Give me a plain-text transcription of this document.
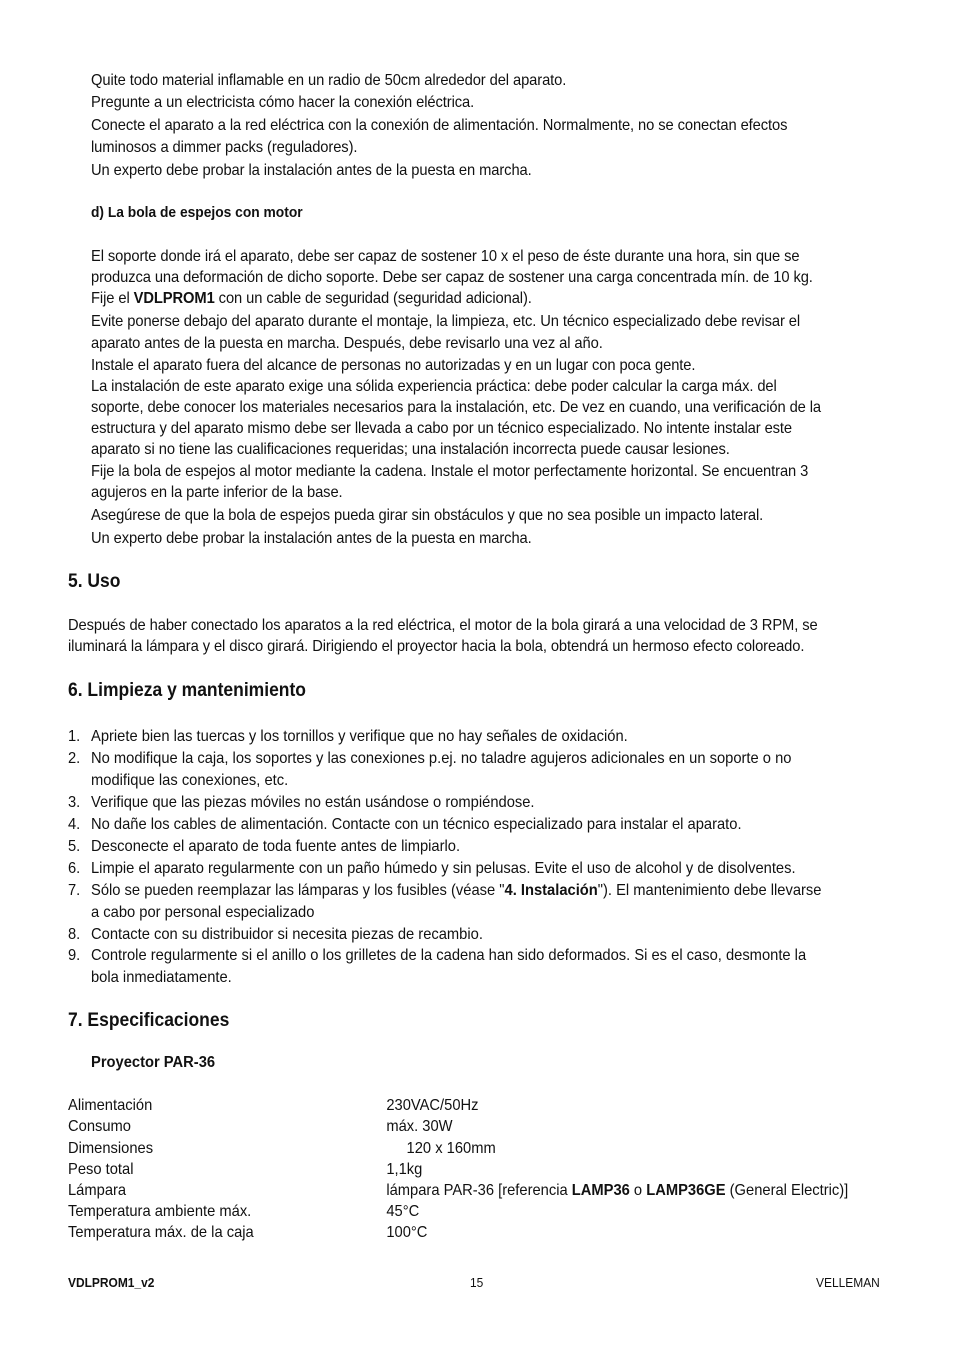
Quite todo material inflamable en un radio de 50cm alrededor del aparato.
Pregunte a un electricista cómo hacer la conexión eléctrica.
Conecte el aparato a la red eléctrica con la conexión de alimentación. Normalmente, no se conectan efectos
luminosos a dimmer packs (reguladores).
Un experto debe probar la instalación antes de la puesta en marcha.
d) La bola de espejos con motor
El soporte donde irá el aparato, debe ser capaz de sostener 10 x el peso de éste durante una hora, sin que se
produzca una deformación de dicho soporte. Debe ser capaz de sostener una carga concentrada mín. de 10 kg.
Fije el VDLPROM1 con un cable de seguridad (seguridad adicional).
Evite ponerse debajo del aparato durante el montaje, la limpieza, etc. Un técnico especializado debe revisar el
aparato antes de la puesta en marcha. Después, debe revisarlo una vez al año.
Instale el aparato fuera del alcance de personas no autorizadas y en un lugar con poca gente.
La instalación de este aparato exige una sólida experiencia práctica: debe poder calcular la carga máx. del
soporte, debe conocer los materiales necesarios para la instalación, etc. De vez en cuando, una verificación de la
estructura y del aparato mismo debe ser llevada a cabo por un técnico especializado. No intente instalar este
aparato si no tiene las cualificaciones requeridas; una instalación incorrecta puede causar lesiones.
Fije la bola de espejos al motor mediante la cadena. Instale el motor perfectamente horizontal. Se encuentran 3
agujeros en la parte inferior de la base.
Asegúrese de que la bola de espejos pueda girar sin obstáculos y que no sea posible un impacto lateral.
Un experto debe probar la instalación antes de la puesta en marcha.
5. Uso
Después de haber conectado los aparatos a la red eléctrica, el motor de la bola girará a una velocidad de 3 RPM, se
iluminará la lámpara y el disco girará. Dirigiendo el proyector hacia la bola, obtendrá un hermoso efecto coloreado.
6. Limpieza y mantenimiento
1. Apriete bien las tuercas y los tornillos y verifique que no hay señales de oxidación.
2. No modifique la caja, los soportes y las conexiones p.ej. no taladre agujeros adicionales en un soporte o no
modifique las conexiones, etc.
3. Verifique que las piezas móviles no están usándose o rompiéndose.
4. No dañe los cables de alimentación. Contacte con un técnico especializado para instalar el aparato.
5. Desconecte el aparato de toda fuente antes de limpiarlo.
6. Limpie el aparato regularmente con un paño húmedo y sin pelusas. Evite el uso de alcohol y de disolventes.
7. Sólo se pueden reemplazar las lámparas y los fusibles (véase "4. Instalación"). El mantenimiento debe llevarse
a cabo por personal especializado
8. Contacte con su distribuidor si necesita piezas de recambio.
9. Controle regularmente si el anillo o los grilletes de la cadena han sido deformados. Si es el caso, desmonte la
bola inmediatamente.
7. Especificaciones
Proyector PAR-36
Alimentación	230VAC/50Hz
Consumo	máx. 30W
Dimensiones	120 x 160mm
Peso total	1,1kg
Lámpara	lámpara PAR-36 [referencia LAMP36 o LAMP36GE (General Electric)]
Temperatura ambiente máx.	45°C
Temperatura máx. de la caja	100°C
VDLPROM1_v2	15	VELLEMAN
